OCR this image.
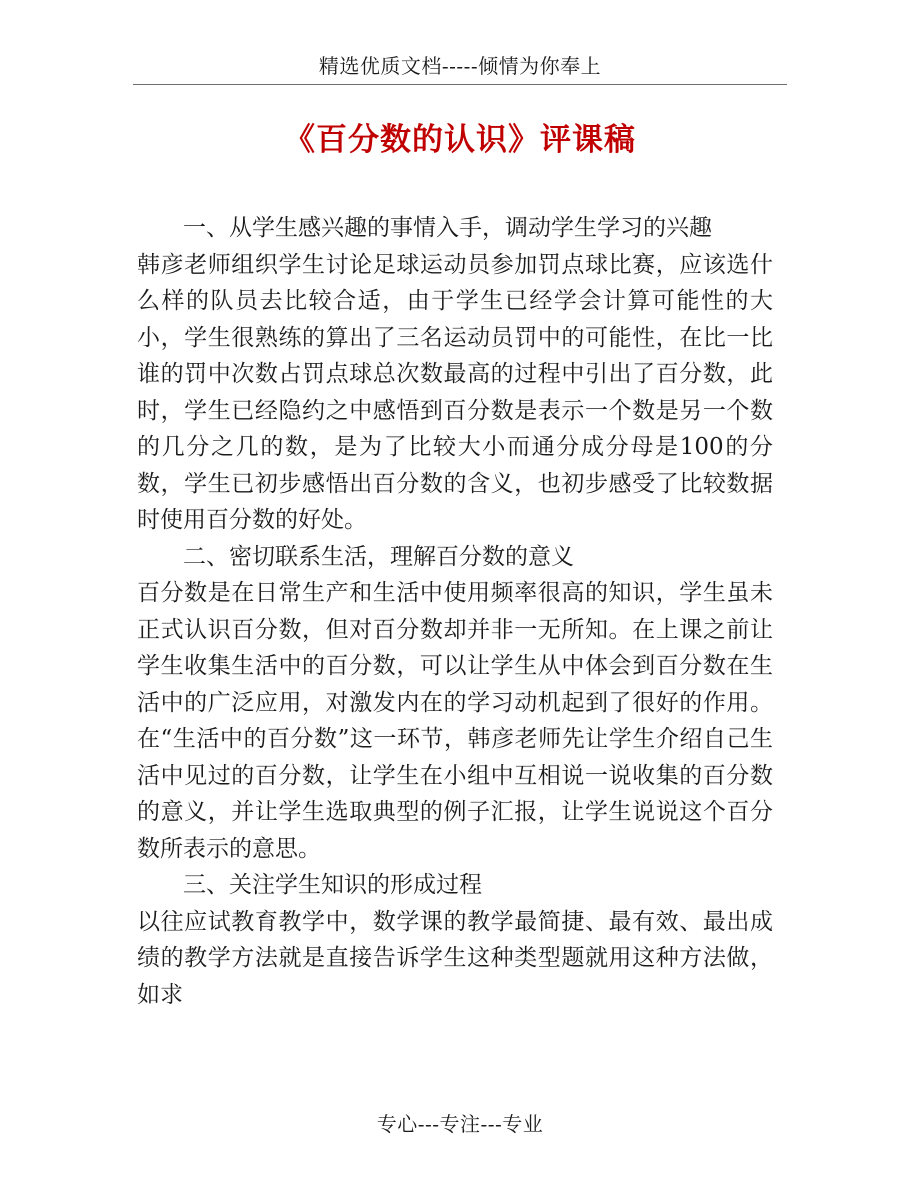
精选优质文档-----倾情为你奉上
《百分数的认识》评课稿

一、从学生感兴趣的事情入手，调动学生学习的兴趣

韩彦老师组织学生讨论足球运动员参加罚点球比赛，应该选什么样的队员去比较合适，由于学生已经学会计算可能性的大小，学生很熟练的算出了三名运动员罚中的可能性，在比一比谁的罚中次数占罚点球总次数最高的过程中引出了百分数，此时，学生已经隐约之中感悟到百分数是表示一个数是另一个数的几分之几的数，是为了比较大小而通分成分母是100的分数，学生已初步感悟出百分数的含义，也初步感受了比较数据时使用百分数的好处。

二、密切联系生活，理解百分数的意义

百分数是在日常生产和生活中使用频率很高的知识，学生虽未正式认识百分数，但对百分数却并非一无所知。在上课之前让学生收集生活中的百分数，可以让学生从中体会到百分数在生活中的广泛应用，对激发内在的学习动机起到了很好的作用。在“生活中的百分数”这一环节，韩彦老师先让学生介绍自己生活中见过的百分数，让学生在小组中互相说一说收集的百分数的意义，并让学生选取典型的例子汇报，让学生说说这个百分数所表示的意思。

三、关注学生知识的形成过程

以往应试教育教学中，数学课的教学最简捷、最有效、最出成绩的教学方法就是直接告诉学生这种类型题就用这种方法做，如求

专心---专注---专业
